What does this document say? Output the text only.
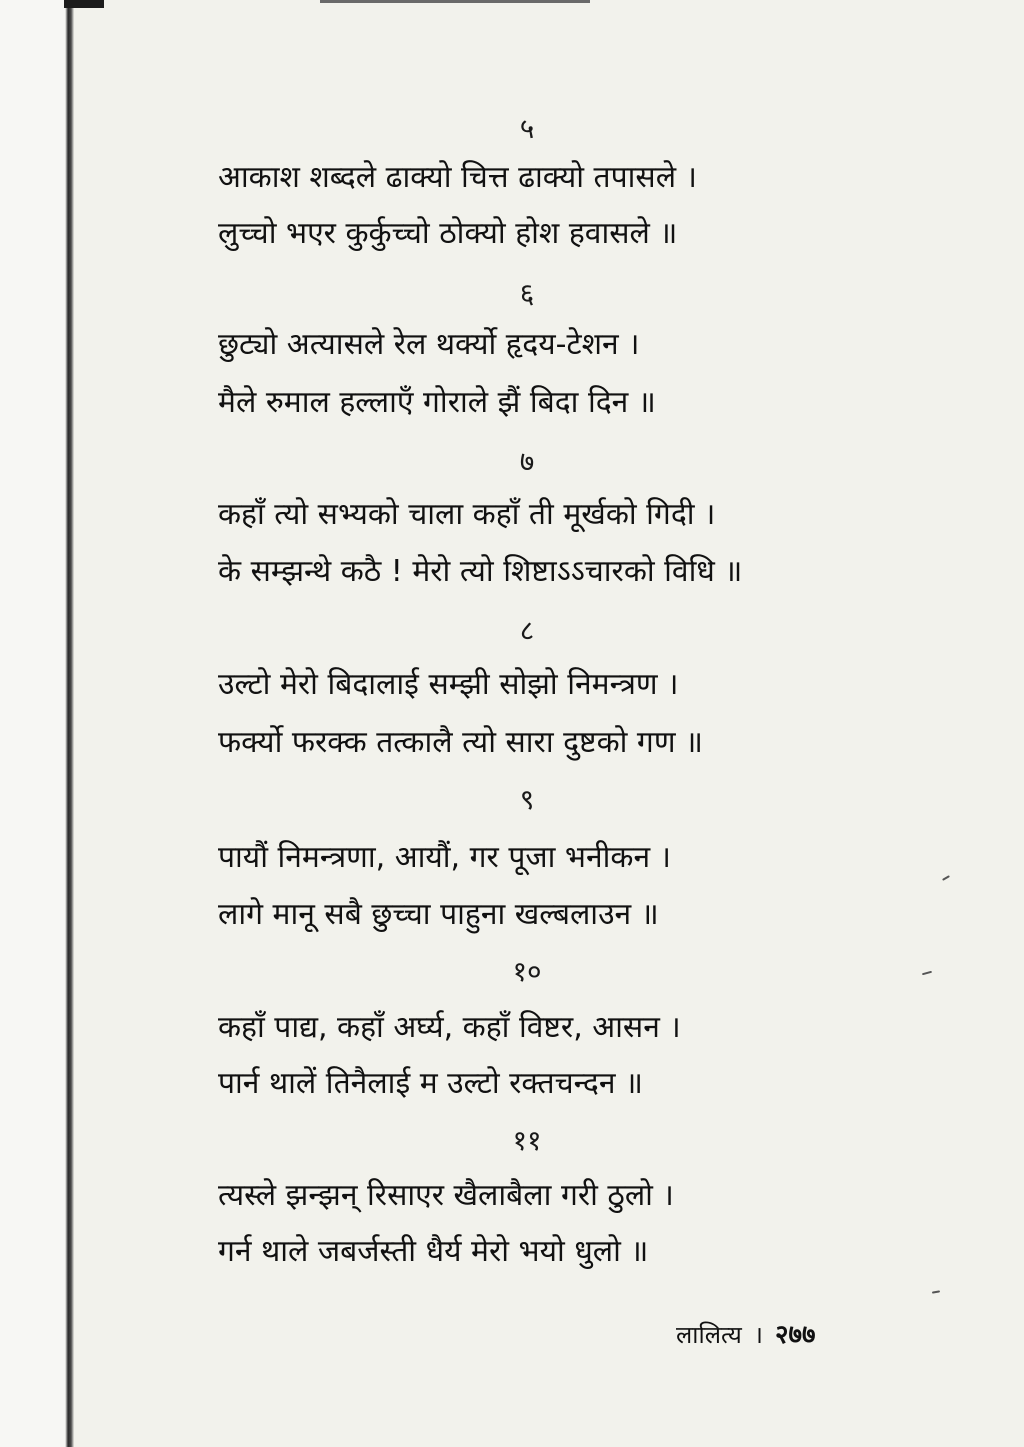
५
आकाश शब्दले ढाक्यो चित्त ढाक्यो तपासले ।
लुच्चो भएर कुर्कुच्चो ठोक्यो होश हवासले ॥
६
छुट्यो अत्यासले रेल थर्क्यो हृदय-टेशन ।
मैले रुमाल हल्लाएँ गोराले झैं बिदा दिन ॥
७
कहाँ त्यो सभ्यको चाला कहाँ ती मूर्खको गिदी ।
के सम्झन्थे कठै ! मेरो त्यो शिष्टाऽऽचारको विधि ॥
८
उल्टो मेरो बिदालाई सम्झी सोझो निमन्त्रण ।
फर्क्यो फरक्क तत्कालै त्यो सारा दुष्टको गण ॥
९
पायौं निमन्त्रणा, आयौं, गर पूजा भनीकन ।
लागे मानू सबै छुच्चा पाहुना खल्बलाउन ॥
१०
कहाँ पाद्य, कहाँ अर्घ्य, कहाँ विष्टर, आसन ।
पार्न थालें तिनैलाई म उल्टो रक्तचन्दन ॥
११
त्यस्ले झन्झन् रिसाएर खैलाबैला गरी ठुलो ।
गर्न थाले जबर्जस्ती धैर्य मेरो भयो धुलो ॥
लालित्य । २७७
